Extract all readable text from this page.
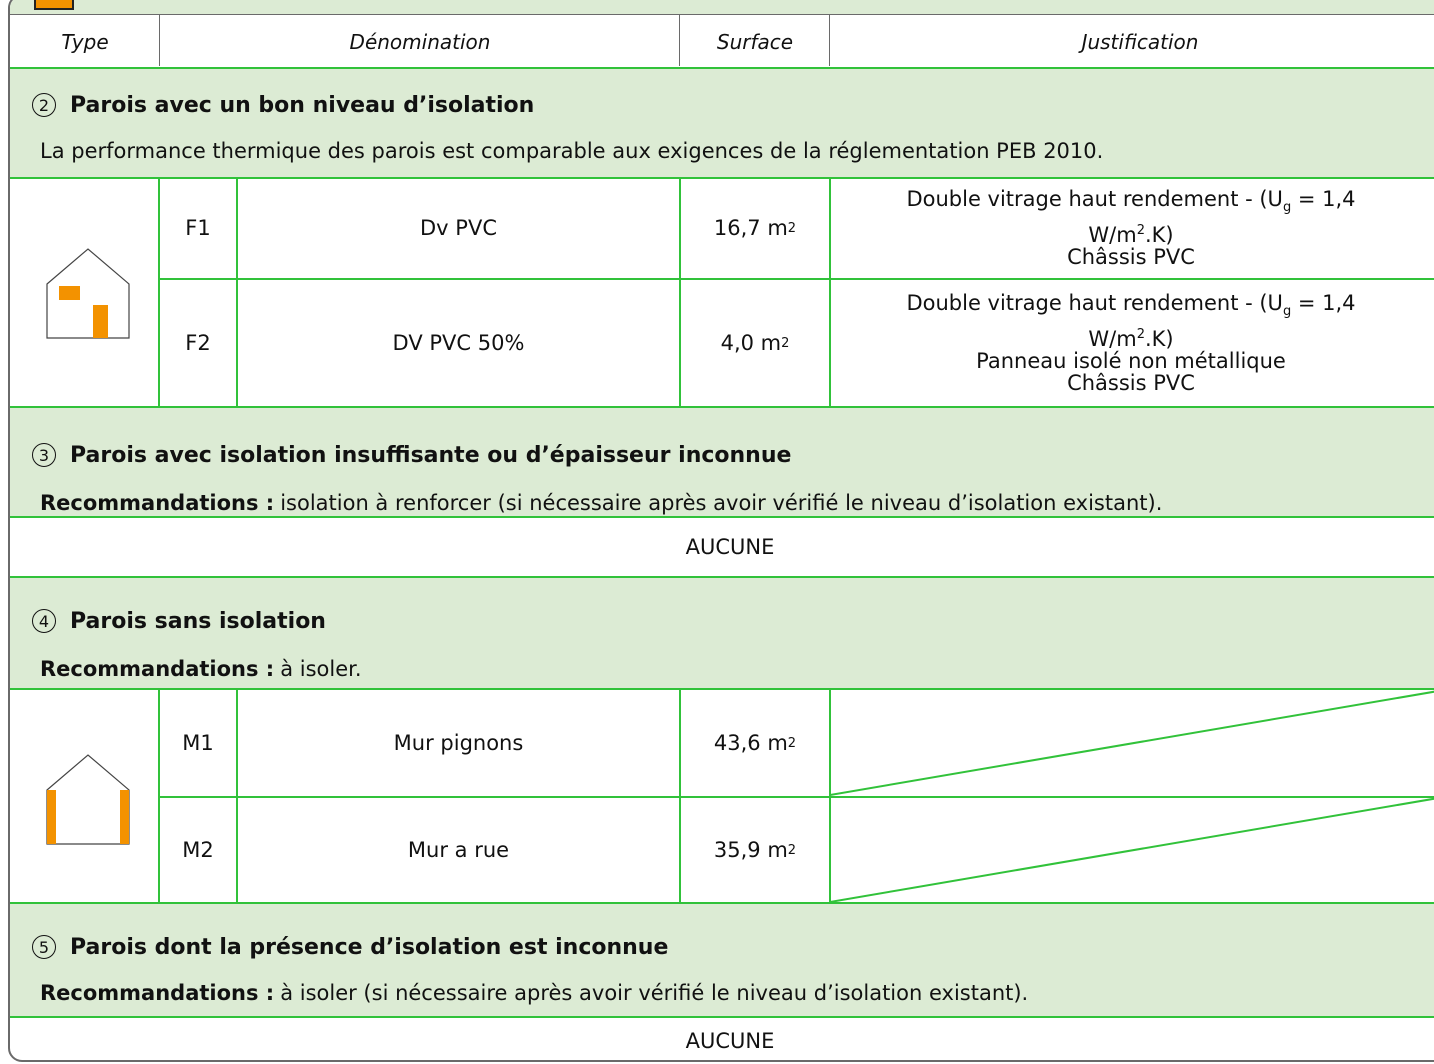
Type	Dénomination	Surface	Justification
2 Parois avec un bon niveau d’isolation
La performance thermique des parois est comparable aux exigences de la réglementation PEB 2010.
F1	Dv PVC	16,7 m 2
Double vitrage haut rendement - ($U_g = 1,4$
$W/m^2.K$)
Châssis PVC
F2	DV PVC 50%	4,0 m 2
Double vitrage haut rendement - ($U_g = 1,4$
$W/m^2.K$)
Panneau isolé non métallique
Châssis PVC
3 Parois avec isolation insuffisante ou d’épaisseur inconnue
Recommandations : isolation à renforcer (si nécessaire après avoir vérifié le niveau d’isolation existant).
AUCUNE
4 Parois sans isolation
Recommandations : à isoler.
M1	Mur pignons	43,6 m 2
M2	Mur a rue	35,9 m 2
5 Parois dont la présence d’isolation est inconnue
Recommandations : à isoler (si nécessaire après avoir vérifié le niveau d’isolation existant).
AUCUNE
